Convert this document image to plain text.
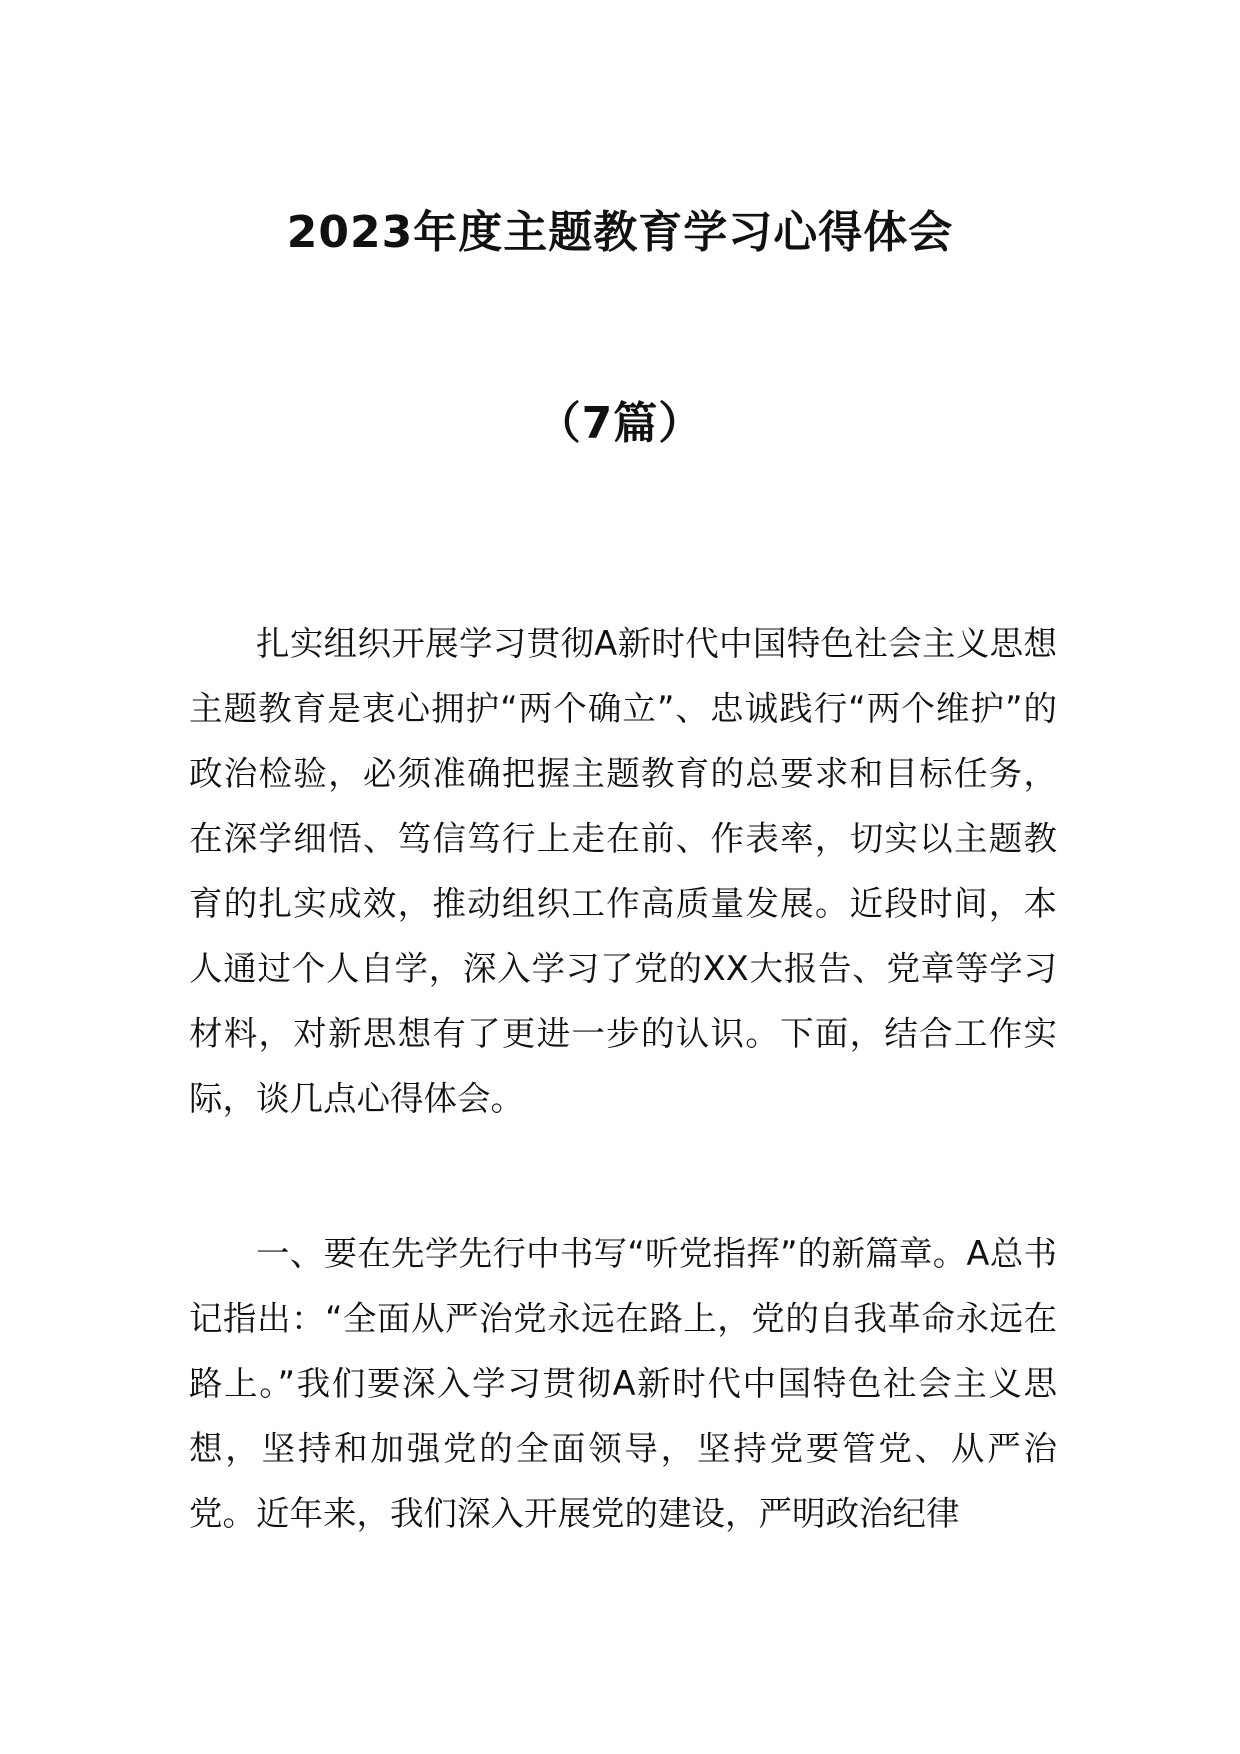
2023年度主题教育学习心得体会
（7篇）

扎实组织开展学习贯彻A新时代中国特色社会主义思想主题教育是衷心拥护“两个确立”、忠诚践行“两个维护”的政治检验，必须准确把握主题教育的总要求和目标任务，在深学细悟、笃信笃行上走在前、作表率，切实以主题教育的扎实成效，推动组织工作高质量发展。近段时间，本人通过个人自学，深入学习了党的XX大报告、党章等学习材料，对新思想有了更进一步的认识。下面，结合工作实际，谈几点心得体会。

一、要在先学先行中书写“听党指挥”的新篇章。A总书记指出：“全面从严治党永远在路上，党的自我革命永远在路上。”我们要深入学习贯彻A新时代中国特色社会主义思想，坚持和加强党的全面领导，坚持党要管党、从严治党。近年来，我们深入开展党的建设，严明政治纪律
